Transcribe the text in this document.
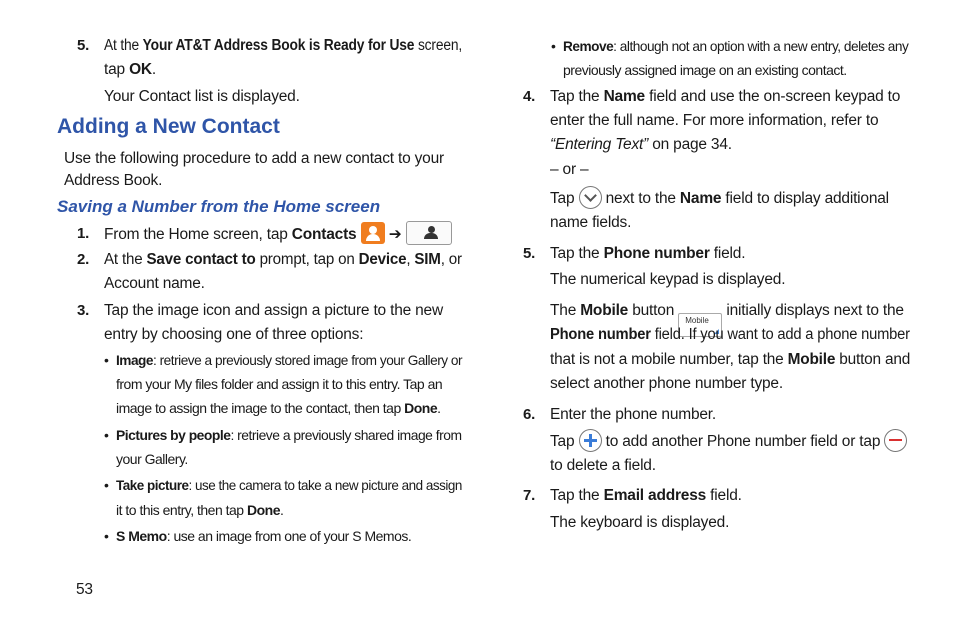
5. At the Your AT&T Address Book is Ready for Use screen,
tap OK.
Your Contact list is displayed.
Adding a New Contact
Use the following procedure to add a new contact to your
Address Book.
Saving a Number from the Home screen
1. From the Home screen, tap Contacts ➔
2. At the Save contact to prompt, tap on Device, SIM, or
Account name.
3. Tap the image icon and assign a picture to the new
entry by choosing one of three options:
• Image: retrieve a previously stored image from your Gallery or
from your My files folder and assign it to this entry. Tap an
image to assign the image to the contact, then tap Done.
• Pictures by people: retrieve a previously shared image from
your Gallery.
• Take picture: use the camera to take a new picture and assign
it to this entry, then tap Done.
• S Memo: use an image from one of your S Memos.
53
• Remove: although not an option with a new entry, deletes any
previously assigned image on an existing contact.
4. Tap the Name field and use the on-screen keypad to
enter the full name. For more information, refer to
“Entering Text” on page 34.
– or –
Tap  next to the Name field to display additional
name fields.
5. Tap the Phone number field.
The numerical keypad is displayed.
The Mobile button Mobile
initially displays next to the
Phone number field. If you want to add a phone number
that is not a mobile number, tap the Mobile button and
select another phone number type.
6. Enter the phone number.
Tap  to add another Phone number field or tap
to delete a field.
7. Tap the Email address field.
The keyboard is displayed.
